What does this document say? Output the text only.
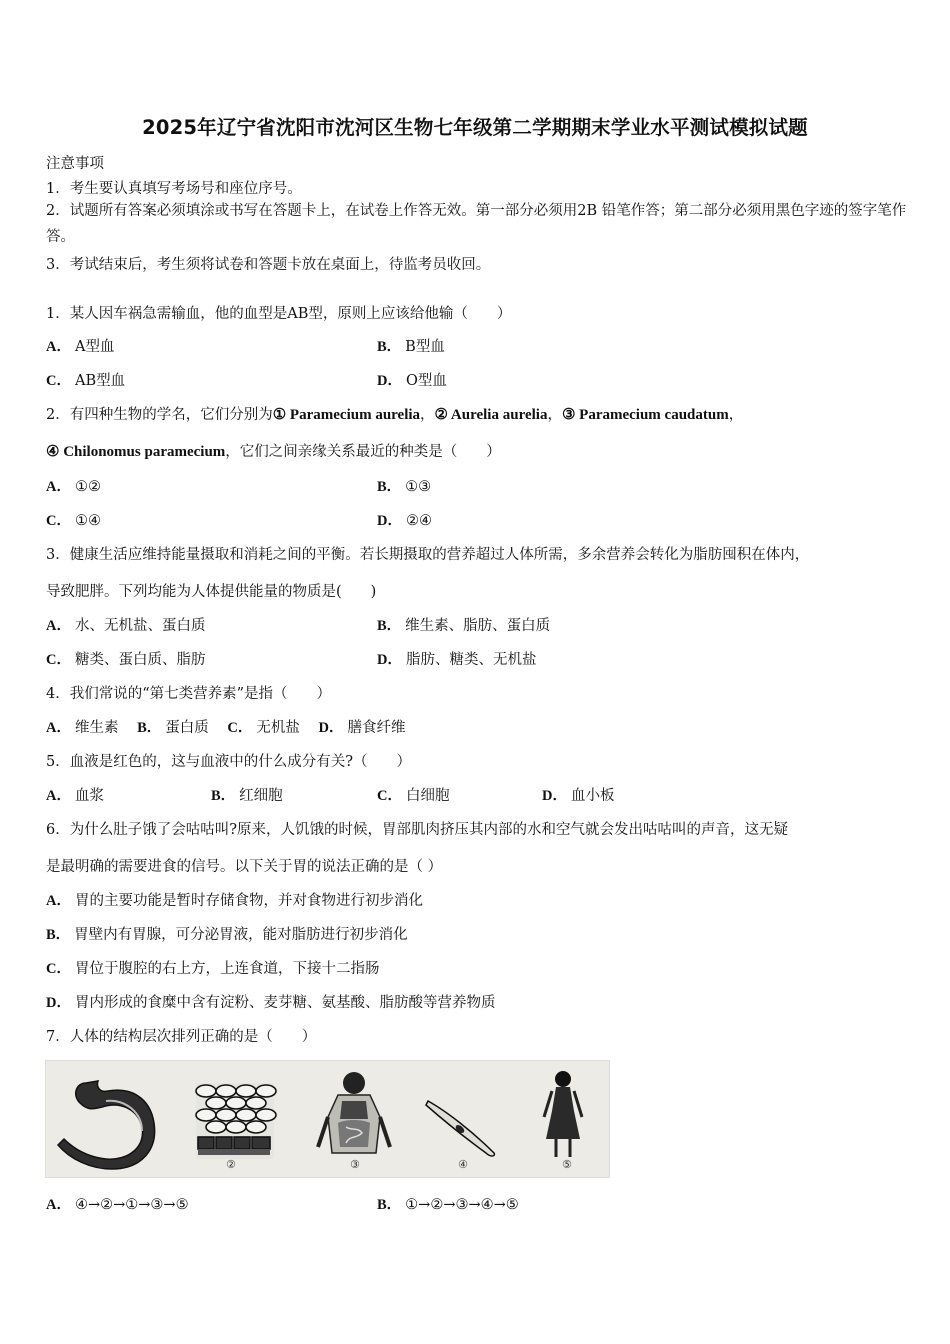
2025年辽宁省沈阳市沈河区生物七年级第二学期期末学业水平测试模拟试题
注意事项
1．考生要认真填写考场号和座位序号。
2．试题所有答案必须填涂或书写在答题卡上，在试卷上作答无效。第一部分必须用2B 铅笔作答；第二部分必须用黑色字迹的签字笔作答。
3．考试结束后，考生须将试卷和答题卡放在桌面上，待监考员收回。
1．某人因车祸急需输血，他的血型是AB型，原则上应该给他输（　　）
A． A型血	B． B型血
C． AB型血	D． O型血
2．有四种生物的学名，它们分别为① Paramecium aurelia，② Aurelia aurelia，③ Paramecium caudatum，
④ Chilonomus paramecium，它们之间亲缘关系最近的种类是（　　）
A． ①②	B． ①③
C． ①④	D． ②④
3．健康生活应维持能量摄取和消耗之间的平衡。若长期摄取的营养超过人体所需，多余营养会转化为脂肪囤积在体内，
导致肥胖。下列均能为人体提供能量的物质是(　　)
A． 水、无机盐、蛋白质	B． 维生素、脂肪、蛋白质
C． 糖类、蛋白质、脂肪	D． 脂肪、糖类、无机盐
4．我们常说的“第七类营养素”是指（　　）
A． 维生素 B． 蛋白质 C． 无机盐 D． 膳食纤维
5．血液是红色的，这与血液中的什么成分有关?（　　）
A． 血浆	B． 红细胞	C． 白细胞	D． 血小板
6．为什么肚子饿了会咕咕叫?原来，人饥饿的时候，胃部肌肉挤压其内部的水和空气就会发出咕咕叫的声音，这无疑
是最明确的需要进食的信号。以下关于胃的说法正确的是（ ）
A． 胃的主要功能是暂时存储食物，并对食物进行初步消化
B． 胃壁内有胃腺，可分泌胃液，能对脂肪进行初步消化
C． 胃位于腹腔的右上方，上连食道，下接十二指肠
D． 胃内形成的食糜中含有淀粉、麦芽糖、氨基酸、脂肪酸等营养物质
7．人体的结构层次排列正确的是（　　）
①	②	③	④	⑤
A． ④→②→①→③→⑤	B． ①→②→③→④→⑤
